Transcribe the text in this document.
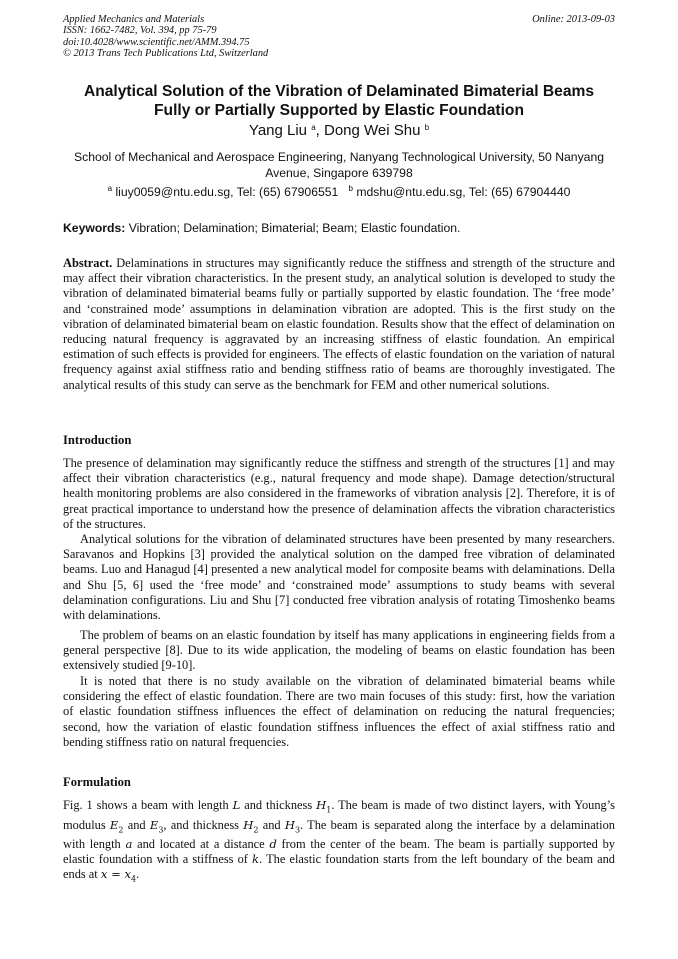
Applied Mechanics and Materials
ISSN: 1662-7482, Vol. 394, pp 75-79
doi:10.4028/www.scientific.net/AMM.394.75
© 2013 Trans Tech Publications Ltd, Switzerland
Online: 2013-09-03
Analytical Solution of the Vibration of Delaminated Bimaterial Beams
Fully or Partially Supported by Elastic Foundation
Yang Liu $^a$, Dong Wei Shu $^b$
School of Mechanical and Aerospace Engineering, Nanyang Technological University, 50 Nanyang
Avenue, Singapore 639798
$^a$ liuy0059@ntu.edu.sg, Tel: (65) 67906551 $^b$ mdshu@ntu.edu.sg, Tel: (65) 67904440
Keywords: Vibration; Delamination; Bimaterial; Beam; Elastic foundation.
Abstract. Delaminations in structures may significantly reduce the stiffness and strength of the structure and may affect their vibration characteristics. In the present study, an analytical solution is developed to study the vibration of delaminated bimaterial beams fully or partially supported by elastic foundation. The ‘free mode’ and ‘constrained mode’ assumptions in delamination vibration are adopted. This is the first study on the vibration of delaminated bimaterial beam on elastic foundation. Results show that the effect of delamination on reducing natural frequency is aggravated by an increasing stiffness of elastic foundation. An empirical estimation of such effects is provided for engineers. The effects of elastic foundation on the variation of natural frequency against axial stiffness ratio and bending stiffness ratio of beams are thoroughly investigated. The analytical results of this study can serve as the benchmark for FEM and other numerical solutions.
Introduction
The presence of delamination may significantly reduce the stiffness and strength of the structures [1] and may affect their vibration characteristics (e.g., natural frequency and mode shape). Damage detection/structural health monitoring problems are also considered in the frameworks of vibration analysis [2]. Therefore, it is of great practical importance to understand how the presence of delamination affects the vibration characteristics of the structures.
Analytical solutions for the vibration of delaminated structures have been presented by many researchers. Saravanos and Hopkins [3] provided the analytical solution on the damped free vibration of delaminated beams. Luo and Hanagud [4] presented a new analytical model for composite beams with delaminations. Della and Shu [5, 6] used the ‘free mode’ and ‘constrained mode’ assumptions to study beams with several delamination configurations. Liu and Shu [7] conducted free vibration analysis of rotating Timoshenko beams with delaminations.
The problem of beams on an elastic foundation by itself has many applications in engineering fields from a general perspective [8]. Due to its wide application, the modeling of beams on elastic foundation has been extensively studied [9-10].
It is noted that there is no study available on the vibration of delaminated bimaterial beams while considering the effect of elastic foundation. There are two main focuses of this study: first, how the variation of elastic foundation stiffness influences the effect of delamination on reducing the natural frequencies; second, how the variation of elastic foundation stiffness influences the effect of axial stiffness ratio and bending stiffness ratio on natural frequencies.
Formulation
Fig. 1 shows a beam with length L and thickness $H_1$. The beam is made of two distinct layers, with Young’s modulus $E_2$ and $E_3$, and thickness $H_2$ and $H_3$. The beam is separated along the interface by a delamination with length a and located at a distance d from the center of the beam. The beam is partially supported by elastic foundation with a stiffness of k. The elastic foundation starts from the left boundary of the beam and ends at $x = x_4$.
